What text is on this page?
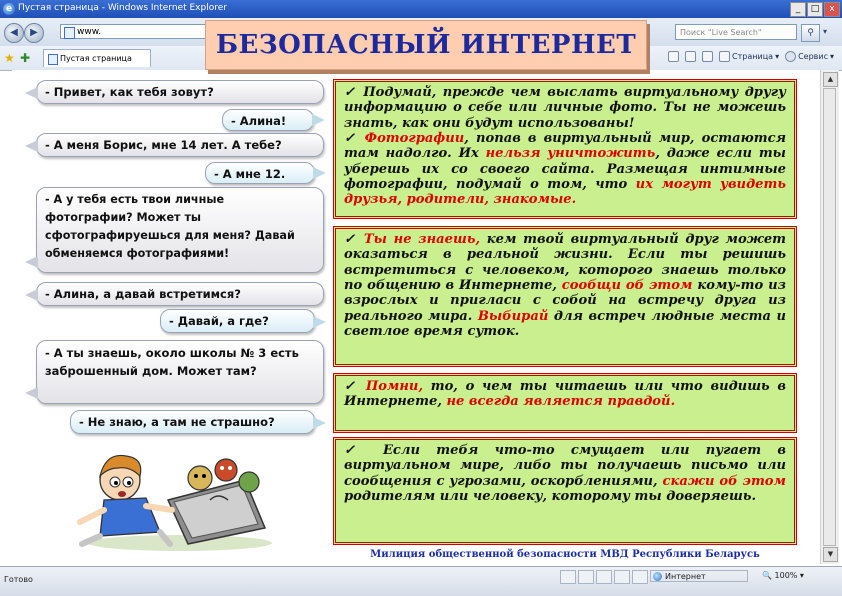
e Пустая страница - Windows Internet Explorer	_	□	x
◀	▶	www.	Поиск "Live Search"	⚲	▾
★ ✚	Пустая страница	Страница ▾ Сервис ▾
▲
▼
БЕЗОПАСНЫЙ ИНТЕРНЕТ
- Привет, как тебя зовут?
- Алина!
- А меня Борис, мне 14 лет. А тебе?
- А мне 12.
- А у тебя есть твои личные фотографии? Может ты сфотографируешься для меня? Давай обменяемся фотографиями!
- Алина, а давай встретимся?
- Давай, а где?
- А ты знаешь, около школы № 3 есть заброшенный дом. Может там?
- Не знаю, а там не страшно?

✓ Подумай, прежде чем выслать виртуальному другу информацию о себе или личные фото. Ты не можешь знать, как они будут использованы!

✓ Фотографии, попав в виртуальный мир, остаются там надолго. Их нельзя уничтожить, даже если ты уберешь их со своего сайта. Размещая интимные фотографии, подумай о том, что их могут увидеть друзья, родители, знакомые.

✓ Ты не знаешь, кем твой виртуальный друг может оказаться в реальной жизни. Если ты решишь встретиться с человеком, которого знаешь только по общению в Интернете, сообщи об этом кому-то из взрослых и пригласи с собой на встречу друга из реального мира. Выбирай для встреч людные места и светлое время суток.

✓ Помни, то, о чем ты читаешь или что видишь в Интернете, не всегда является правдой.

✓ Если тебя что-то смущает или пугает в виртуальном мире, либо ты получаешь письмо или сообщения с угрозами, оскорблениями, скажи об этом родителям или человеку, которому ты доверяешь.

Милиция общественной безопасности МВД Республики Беларусь
Готово	Интернет	🔍 100% ▾
